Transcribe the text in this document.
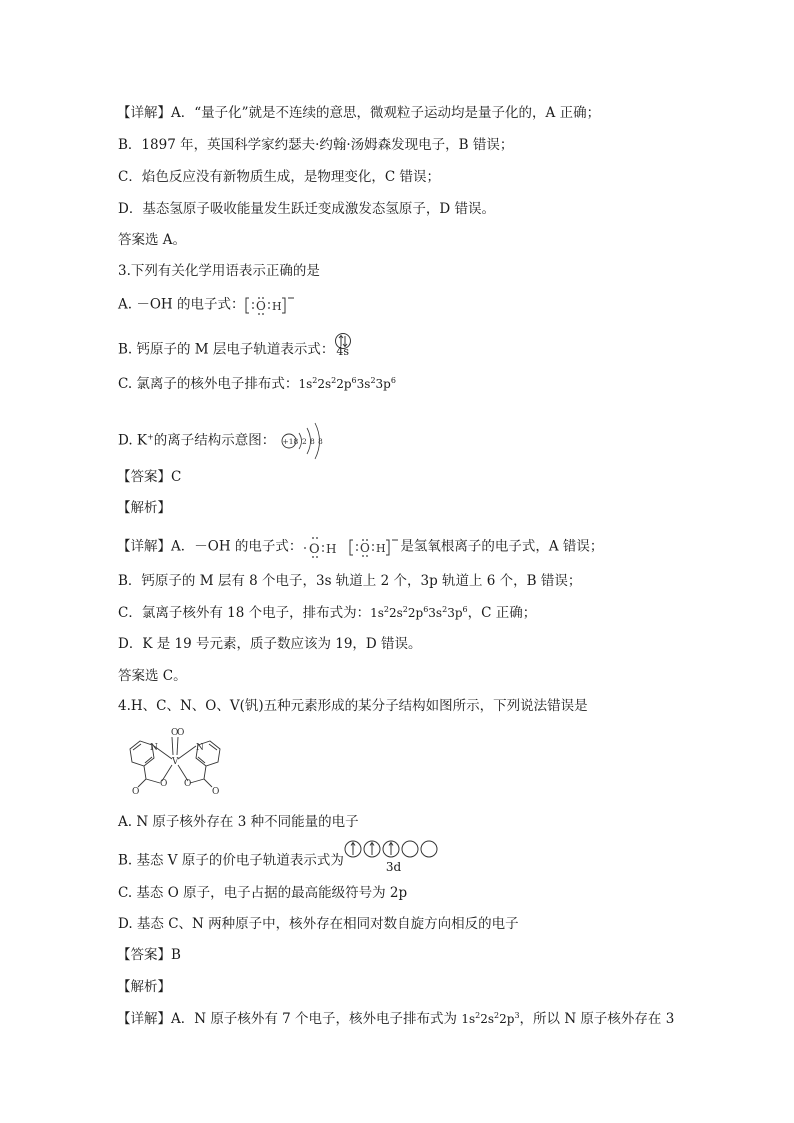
【详解】A．“量子化”就是不连续的意思，微观粒子运动均是量子化的，A 正确；
B．1897 年，英国科学家约瑟夫·约翰·汤姆森发现电子，B 错误；
C．焰色反应没有新物质生成，是物理变化，C 错误；
D．基态氢原子吸收能量发生跃迁变成激发态氢原子，D 错误。
答案选 A。
3.下列有关化学用语表示正确的是
A. －OH 的电子式： O H
B. 钙原子的 M 层电子轨道表示式： 4s
C. 氯离子的核外电子排布式：$1s^22s^22p^63s^23p^6$
D. K+的离子结构示意图： +18 2 8 8
【答案】C
【解析】
【详解】A．－OH 的电子式： O H O H 是氢氧根离子的电子式，A 错误；
B．钙原子的 M 层有 8 个电子，3s 轨道上 2 个，3p 轨道上 6 个，B 错误；
C．氯离子核外有 18 个电子，排布式为：$1s^22s^22p^63s^23p^6$，C 正确；
D．K 是 19 号元素，质子数应该为 19，D 错误。
答案选 C。
4.H、C、N、O、V(钒)五种元素形成的某分子结构如图所示，下列说法错误是
N	N
O
O
V
O O
O	O
A. N 原子核外存在 3 种不同能量的电子
B. 基态 V 原子的价电子轨道表示式为	3d
C. 基态 O 原子，电子占据的最高能级符号为 2p
D. 基态 C、N 两种原子中，核外存在相同对数自旋方向相反的电子
【答案】B
【解析】
【详解】A．N 原子核外有 7 个电子，核外电子排布式为 $1s^22s^22p^3$，所以 N 原子核外存在 3
